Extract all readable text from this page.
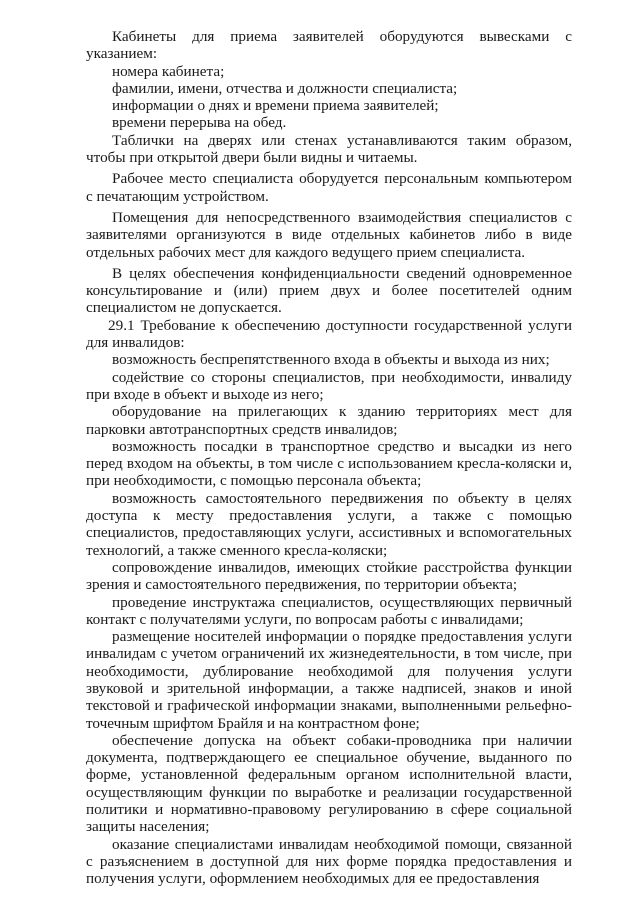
Кабинеты для приема заявителей оборудуются вывесками с указанием:

номера кабинета;

фамилии, имени, отчества и должности специалиста;

информации о днях и времени приема заявителей;

времени перерыва на обед.

Таблички на дверях или стенах устанавливаются таким образом, чтобы при открытой двери были видны и читаемы.

Рабочее место специалиста оборудуется персональным компьютером с печатающим устройством.

Помещения для непосредственного взаимодействия специалистов с заявителями организуются в виде отдельных кабинетов либо в виде отдельных рабочих мест для каждого ведущего прием специалиста.

В целях обеспечения конфиденциальности сведений одновременное консультирование и (или) прием двух и более посетителей одним специалистом не допускается.

29.1 Требование к обеспечению доступности государственной услуги для инвалидов:

возможность беспрепятственного входа в объекты и выхода из них;

содействие со стороны специалистов, при необходимости, инвалиду при входе в объект и выходе из него;

оборудование на прилегающих к зданию территориях мест для парковки автотранспортных средств инвалидов;

возможность посадки в транспортное средство и высадки из него перед входом на объекты, в том числе с использованием кресла-коляски и, при необходимости, с помощью персонала объекта;

возможность самостоятельного передвижения по объекту в целях доступа к месту предоставления услуги, а также с помощью специалистов, предоставляющих услуги, ассистивных и вспомогательных технологий, а также сменного кресла-коляски;

сопровождение инвалидов, имеющих стойкие расстройства функции зрения и самостоятельного передвижения, по территории объекта;

проведение инструктажа специалистов, осуществляющих первичный контакт с получателями услуги, по вопросам работы с инвалидами;

размещение носителей информации о порядке предоставления услуги инвалидам с учетом ограничений их жизнедеятельности, в том числе, при необходимости, дублирование необходимой для получения услуги звуковой и зрительной информации, а также надписей, знаков и иной текстовой и графической информации знаками, выполненными рельефно-точечным шрифтом Брайля и на контрастном фоне;

обеспечение допуска на объект собаки-проводника при наличии документа, подтверждающего ее специальное обучение, выданного по форме, установленной федеральным органом исполнительной власти, осуществляющим функции по выработке и реализации государственной политики и нормативно-правовому регулированию в сфере социальной защиты населения;

оказание специалистами инвалидам необходимой помощи, связанной с разъяснением в доступной для них форме порядка предоставления и получения услуги, оформлением необходимых для ее предоставления
